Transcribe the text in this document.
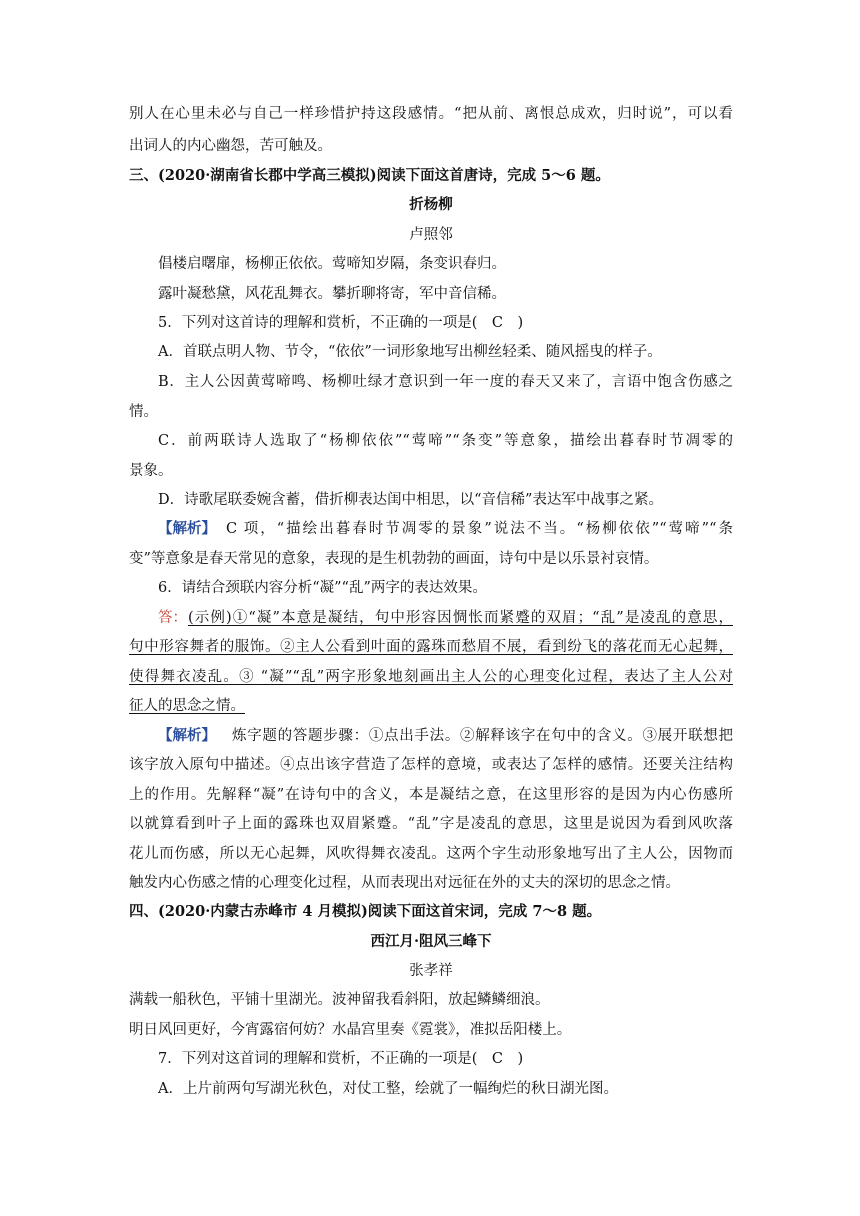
别人在心里未必与自己一样珍惜护持这段感情。“把从前、离恨总成欢，归时说”，可以看
出词人的内心幽怨，苦可触及。
三、(2020·湖南省长郡中学高三模拟)阅读下面这首唐诗，完成 5～6 题。
折杨柳
卢照邻
倡楼启曙扉，杨柳正依依。莺啼知岁隔，条变识春归。
露叶凝愁黛，风花乱舞衣。攀折聊将寄，军中音信稀。
5．下列对这首诗的理解和赏析，不正确的一项是(　C　)
A．首联点明人物、节令，“依依”一词形象地写出柳丝轻柔、随风摇曳的样子。
B．主人公因黄莺啼鸣、杨柳吐绿才意识到一年一度的春天又来了，言语中饱含伤感之
情。
C．前两联诗人选取了“杨柳依依”“莺啼”“条变”等意象，描绘出暮春时节凋零的
景象。
D．诗歌尾联委婉含蓄，借折柳表达闺中相思，以“音信稀”表达军中战事之紧。
【解析】 C 项，“描绘出暮春时节凋零的景象”说法不当。“杨柳依依”“莺啼”“条
变”等意象是春天常见的意象，表现的是生机勃勃的画面，诗句中是以乐景衬哀情。
6．请结合颈联内容分析“凝”“乱”两字的表达效果。
答： (示例)①“凝”本意是凝结，句中形容因惆怅而紧蹙的双眉；“乱”是凌乱的意思，
句中形容舞者的服饰。②主人公看到叶面的露珠而愁眉不展，看到纷飞的落花而无心起舞，
使得舞衣凌乱。③ “凝”“乱”两字形象地刻画出主人公的心理变化过程，表达了主人公对
征人的思念之情。
【解析】 炼字题的答题步骤：①点出手法。②解释该字在句中的含义。③展开联想把
该字放入原句中描述。④点出该字营造了怎样的意境，或表达了怎样的感情。还要关注结构
上的作用。先解释“凝”在诗句中的含义，本是凝结之意，在这里形容的是因为内心伤感所
以就算看到叶子上面的露珠也双眉紧蹙。“乱”字是凌乱的意思，这里是说因为看到风吹落
花儿而伤感，所以无心起舞，风吹得舞衣凌乱。这两个字生动形象地写出了主人公，因物而
触发内心伤感之情的心理变化过程，从而表现出对远征在外的丈夫的深切的思念之情。
四、(2020·内蒙古赤峰市 4 月模拟)阅读下面这首宋词，完成 7～8 题。
西江月·阻风三峰下
张孝祥
满载一船秋色，平铺十里湖光。波神留我看斜阳，放起鳞鳞细浪。
明日风回更好，今宵露宿何妨？水晶宫里奏《霓裳》，准拟岳阳楼上。
7．下列对这首词的理解和赏析，不正确的一项是(　C　)
A．上片前两句写湖光秋色，对仗工整，绘就了一幅绚烂的秋日湖光图。
